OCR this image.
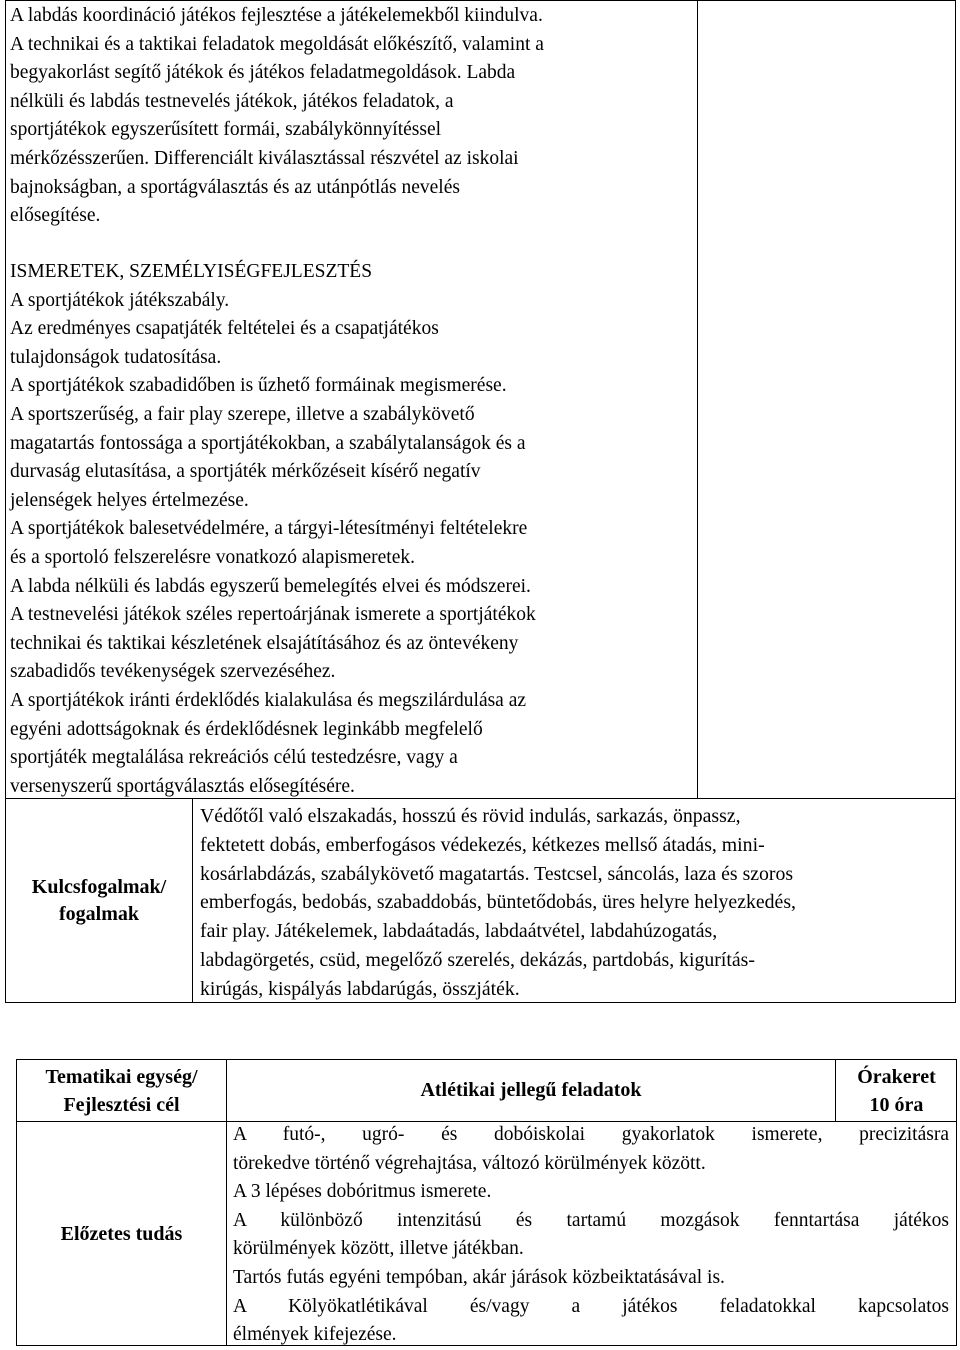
A labdás koordináció játékos fejlesztése a játékelemekből kiindulva.

A technikai és a taktikai feladatok megoldását előkészítő, valamint a

begyakorlást segítő játékok és játékos feladatmegoldások. Labda

nélküli és labdás testnevelés játékok, játékos feladatok, a

sportjátékok egyszerűsített formái, szabálykönnyítéssel

mérkőzésszerűen. Differenciált kiválasztással részvétel az iskolai

bajnokságban, a sportágválasztás és az utánpótlás nevelés

elősegítése.

ISMERETEK, SZEMÉLYISÉGFEJLESZTÉS

A sportjátékok játékszabály.

Az eredményes csapatjáték feltételei és a csapatjátékos

tulajdonságok tudatosítása.

A sportjátékok szabadidőben is űzhető formáinak megismerése.

A sportszerűség, a fair play szerepe, illetve a szabálykövető

magatartás fontossága a sportjátékokban, a szabálytalanságok és a

durvaság elutasítása, a sportjáték mérkőzéseit kísérő negatív

jelenségek helyes értelmezése.

A sportjátékok balesetvédelmére, a tárgyi-létesítményi feltételekre

és a sportoló felszerelésre vonatkozó alapismeretek.

A labda nélküli és labdás egyszerű bemelegítés elvei és módszerei.

A testnevelési játékok széles repertoárjának ismerete a sportjátékok

technikai és taktikai készletének elsajátításához és az öntevékeny

szabadidős tevékenységek szervezéséhez.

A sportjátékok iránti érdeklődés kialakulása és megszilárdulása az

egyéni adottságoknak és érdeklődésnek leginkább megfelelő

sportjáték megtalálása rekreációs célú testedzésre, vagy a

versenyszerű sportágválasztás elősegítésére.

Kulcsfogalmak/
fogalmak
Védőtől való elszakadás, hosszú és rövid indulás, sarkazás, önpassz,
fektetett dobás, emberfogásos védekezés, kétkezes mellső átadás, mini-
kosárlabdázás, szabálykövető magatartás. Testcsel, sáncolás, laza és szoros
emberfogás, bedobás, szabaddobás, büntetődobás, üres helyre helyezkedés,
fair play. Játékelemek, labdaátadás, labdaátvétel, labdahúzogatás,
labdagörgetés, csüd, megelőző szerelés, dekázás, partdobás, kigurítás-
kirúgás, kispályás labdarúgás, összjáték.
Tematikai egység/
Fejlesztési cél
Atlétikai jellegű feladatok
Órakeret
10 óra
Előzetes tudás

A futó-, ugró- és dobóiskolai gyakorlatok ismerete, precizitásra

törekedve történő végrehajtása, változó körülmények között.

A 3 lépéses dobóritmus ismerete.

A különböző intenzitású és tartamú mozgások fenntartása játékos

körülmények között, illetve játékban.

Tartós futás egyéni tempóban, akár járások közbeiktatásával is.

A Kölyökatlétikával és/vagy a játékos feladatokkal kapcsolatos

élmények kifejezése.
